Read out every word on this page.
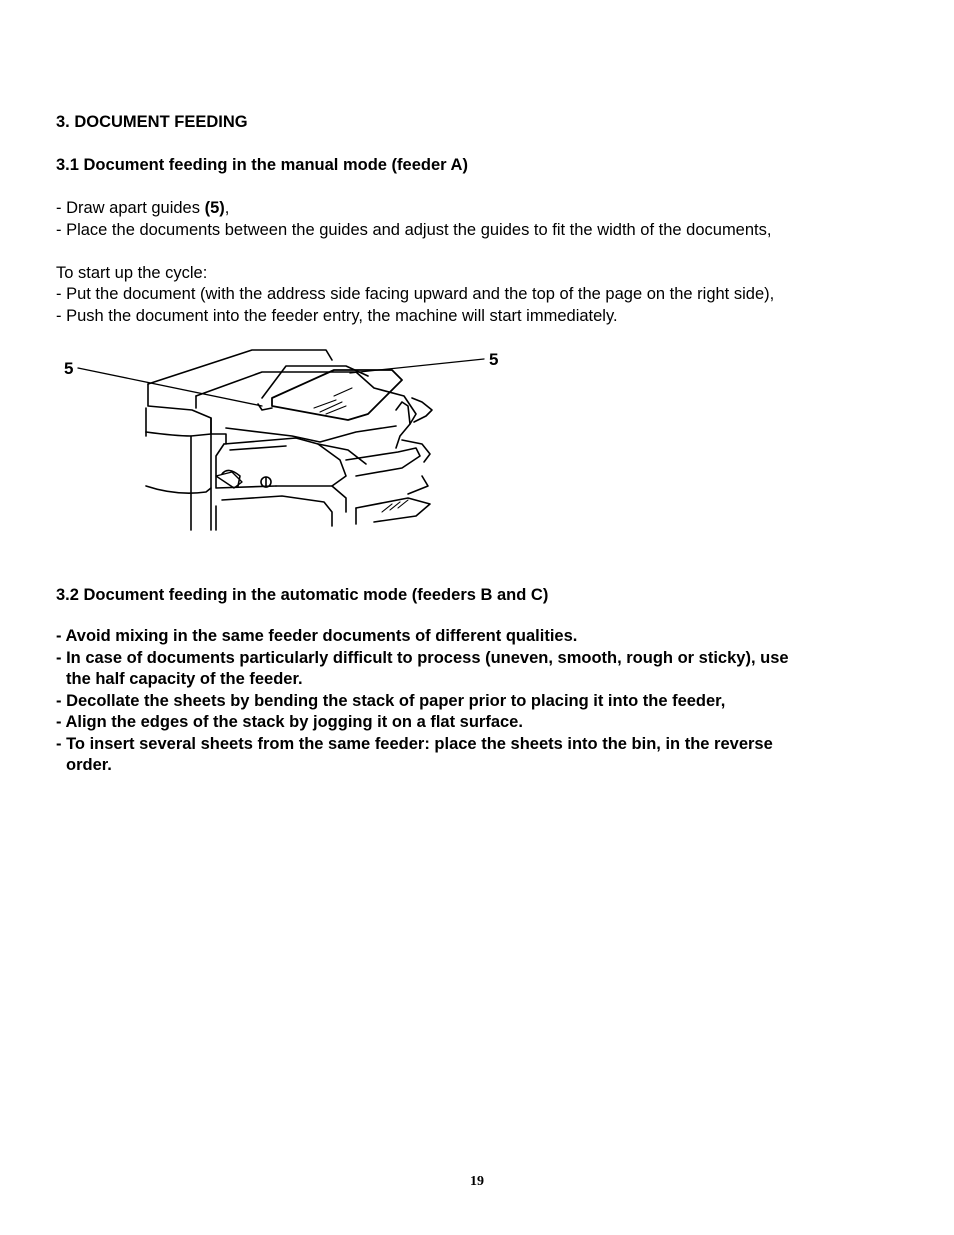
3. DOCUMENT FEEDING
3.1 Document feeding in the manual mode (feeder A)
- Draw apart guides (5),
- Place the documents between the guides and adjust the guides to fit the width of the documents,
To start up the cycle:
- Put the document (with the address side facing upward and the top of the page on the right side),
- Push the document into the feeder entry, the machine will start immediately.
5	5
3.2 Document feeding in the automatic mode (feeders B and C)
- Avoid mixing in the same feeder documents of different qualities.
- In case of documents particularly difficult to process (uneven, smooth, rough or sticky), use
the half capacity of the feeder.
- Decollate the sheets by bending the stack of paper prior to placing it into the feeder,
- Align the edges of the stack by jogging it on a flat surface.
- To insert several sheets from the same feeder: place the sheets into the bin, in the reverse
order.
19
